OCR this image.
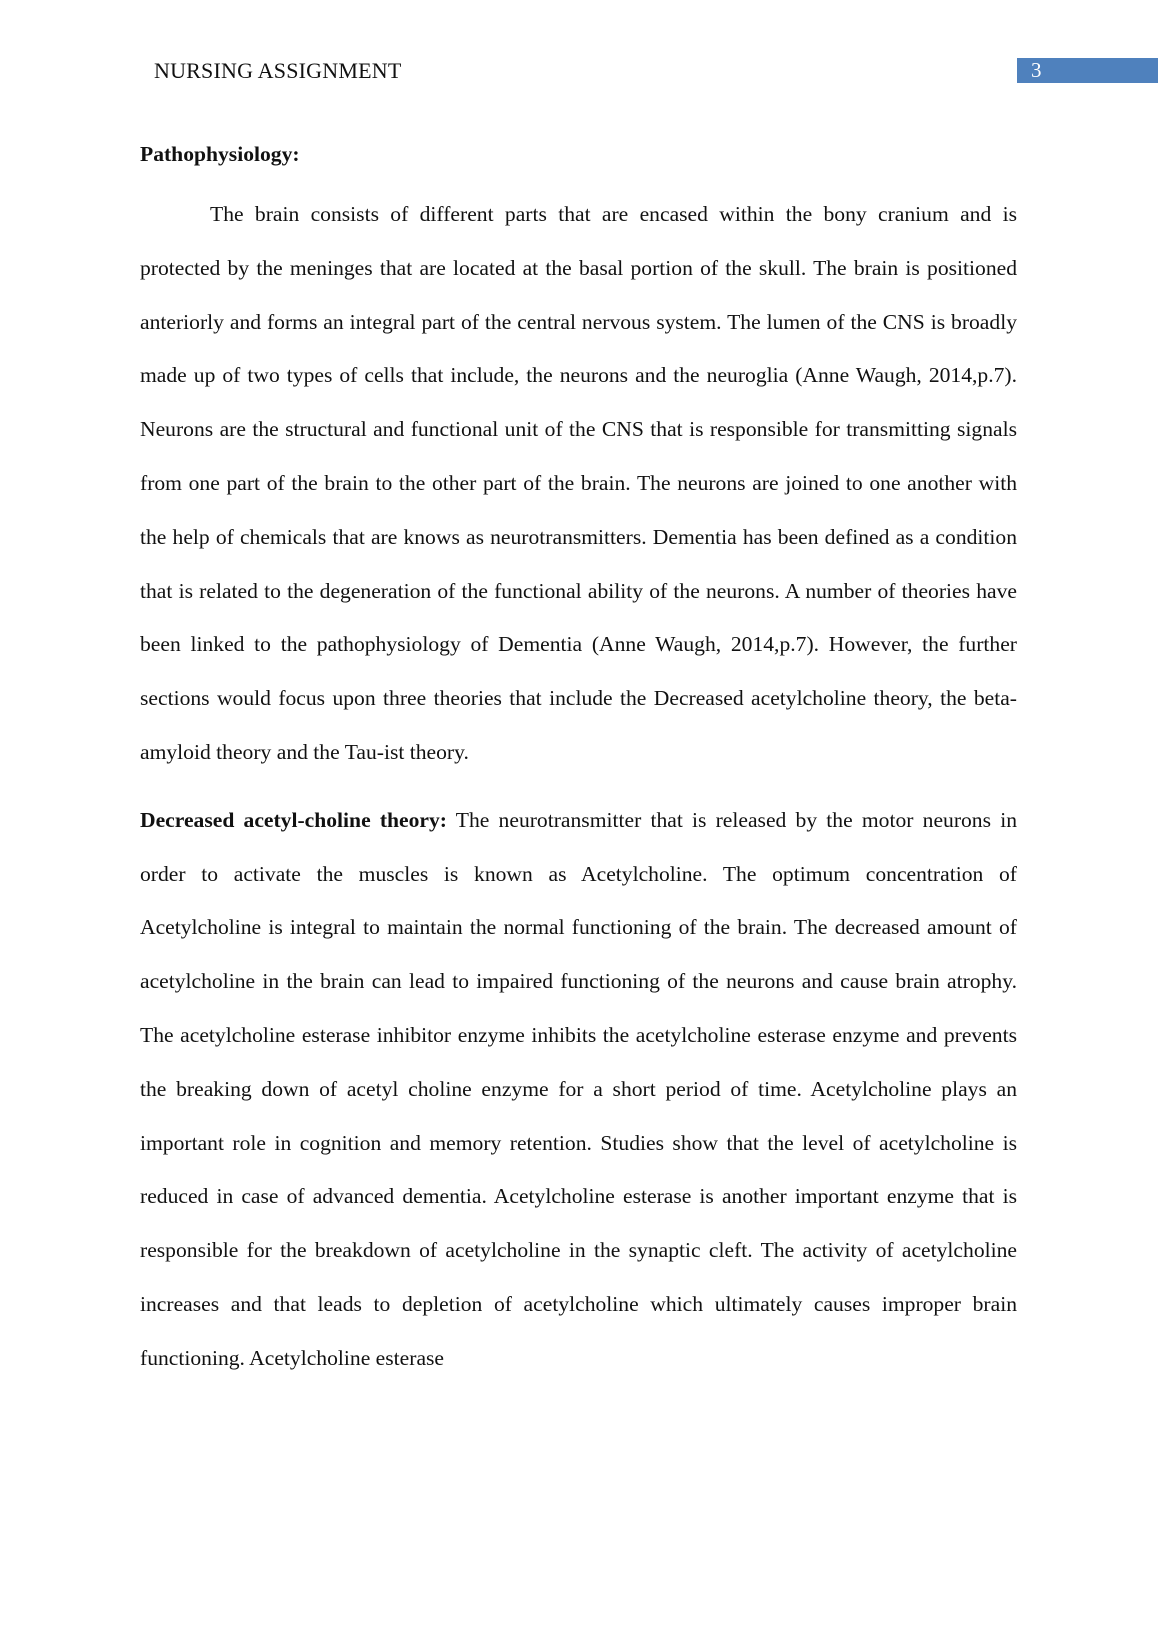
NURSING ASSIGNMENT	3

Pathophysiology:

The brain consists of different parts that are encased within the bony cranium and is protected by the meninges that are located at the basal portion of the skull. The brain is positioned anteriorly and forms an integral part of the central nervous system. The lumen of the CNS is broadly made up of two types of cells that include, the neurons and the neuroglia (Anne Waugh, 2014,p.7). Neurons are the structural and functional unit of the CNS that is responsible for transmitting signals from one part of the brain to the other part of the brain. The neurons are joined to one another with the help of chemicals that are knows as neurotransmitters. Dementia has been defined as a condition that is related to the degeneration of the functional ability of the neurons. A number of theories have been linked to the pathophysiology of Dementia (Anne Waugh, 2014,p.7). However, the further sections would focus upon three theories that include the Decreased acetylcholine theory, the beta-amyloid theory and the Tau-ist theory.

Decreased acetyl-choline theory: The neurotransmitter that is released by the motor neurons in order to activate the muscles is known as Acetylcholine. The optimum concentration of Acetylcholine is integral to maintain the normal functioning of the brain. The decreased amount of acetylcholine in the brain can lead to impaired functioning of the neurons and cause brain atrophy. The acetylcholine esterase inhibitor enzyme inhibits the acetylcholine esterase enzyme and prevents the breaking down of acetyl choline enzyme for a short period of time. Acetylcholine plays an important role in cognition and memory retention. Studies show that the level of acetylcholine is reduced in case of advanced dementia. Acetylcholine esterase is another important enzyme that is responsible for the breakdown of acetylcholine in the synaptic cleft. The activity of acetylcholine increases and that leads to depletion of acetylcholine which ultimately causes improper brain functioning. Acetylcholine esterase
